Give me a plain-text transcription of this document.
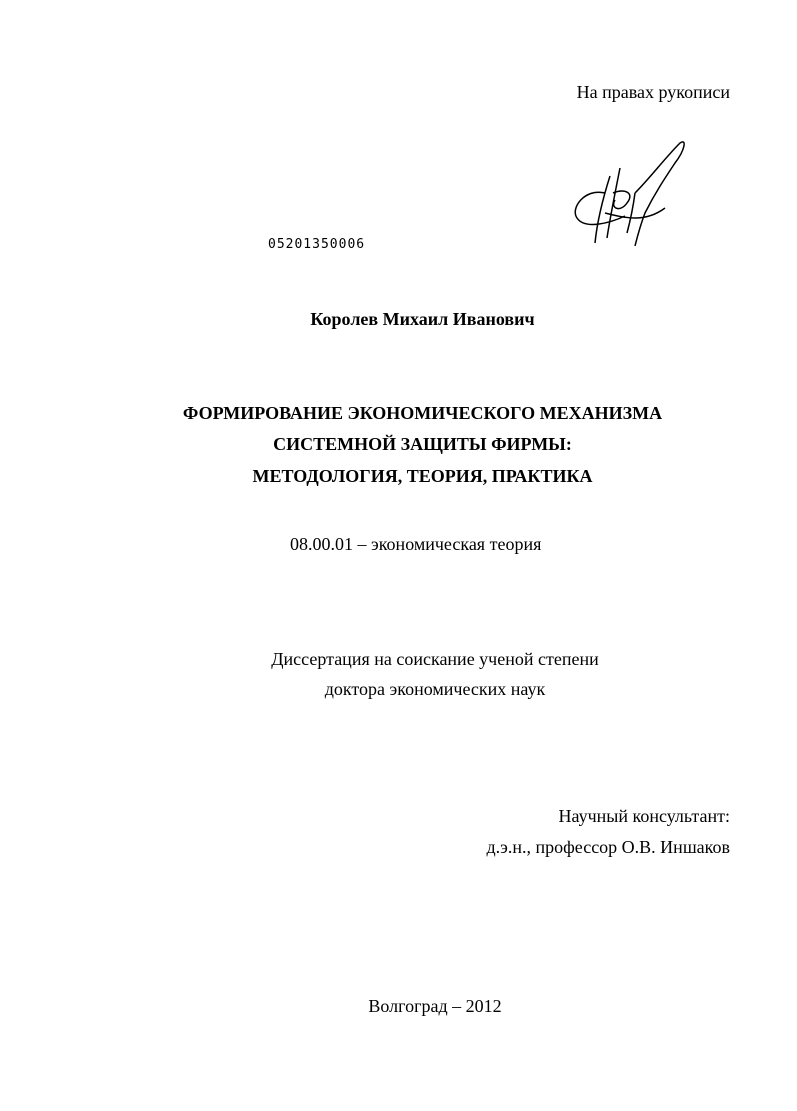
На правах рукописи
05201350006
Королев Михаил Иванович
ФОРМИРОВАНИЕ ЭКОНОМИЧЕСКОГО МЕХАНИЗМА
СИСТЕМНОЙ ЗАЩИТЫ ФИРМЫ:
МЕТОДОЛОГИЯ, ТЕОРИЯ, ПРАКТИКА
08.00.01 – экономическая теория
Диссертация на соискание ученой степени
доктора экономических наук
Научный консультант:
д.э.н., профессор О.В. Иншаков
Волгоград – 2012
